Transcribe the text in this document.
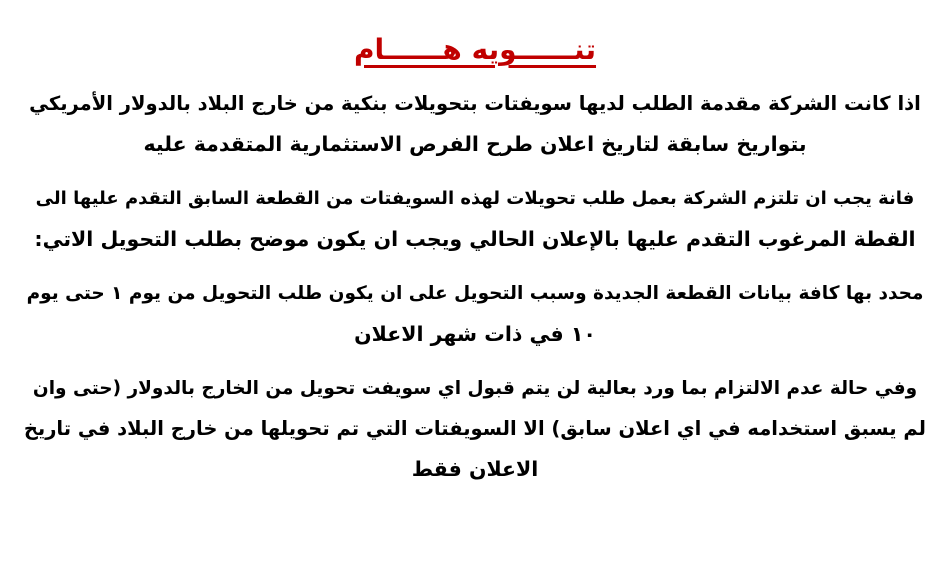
تنــــــويه هــــــام

اذا كانت الشركة مقدمة الطلب لديها سويفتات بتحويلات بنكية من خارج البلاد بالدولار الأمريكي
بتواريخ سابقة لتاريخ اعلان طرح الفرص الاستثمارية المتقدمة عليه

فانة يجب ان تلتزم الشركة بعمل طلب تحويلات لهذه السويفتات من القطعة السابق التقدم عليها الى
القطة المرغوب التقدم عليها بالإعلان الحالي ويجب ان يكون موضح بطلب التحويل الاتي:

محدد بها كافة بيانات القطعة الجديدة وسبب التحويل على ان يكون طلب التحويل من يوم ١ حتى يوم
١٠ في ذات شهر الاعلان

وفي حالة عدم الالتزام بما ورد بعالية لن يتم قبول اي سويفت تحويل من الخارج بالدولار (حتى وان
لم يسبق استخدامه في اي اعلان سابق) الا السويفتات التي تم تحويلها من خارج البلاد في تاريخ
الاعلان فقط
